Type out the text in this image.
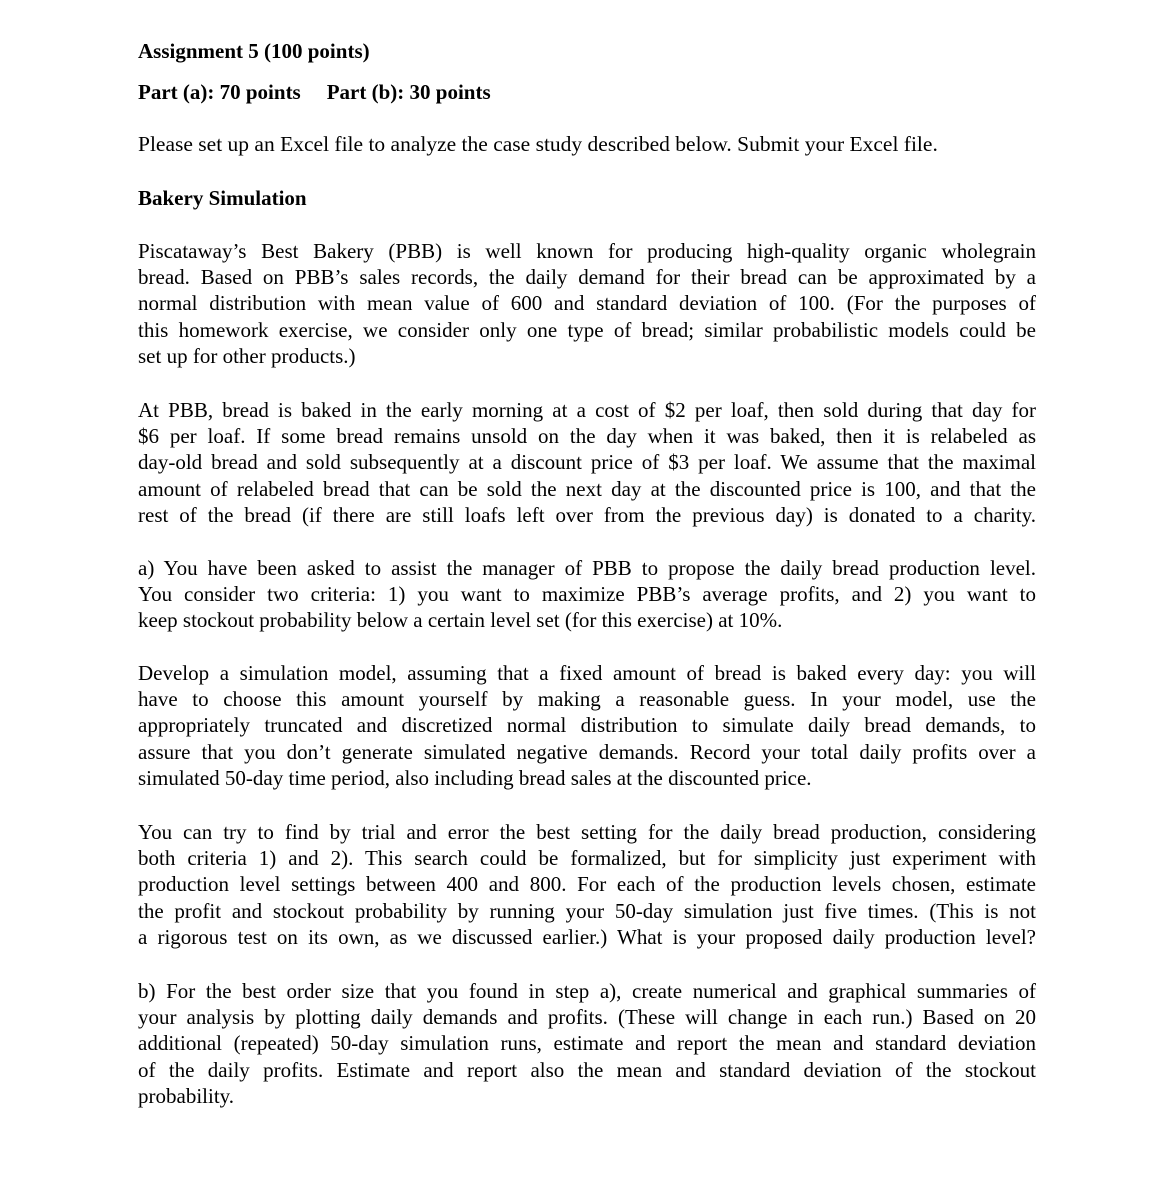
Assignment 5 (100 points)
Part (a): 70 points Part (b): 30 points
Please set up an Excel file to analyze the case study described below. Submit your Excel file.
Bakery Simulation
Piscataway’s Best Bakery (PBB) is well known for producing high-quality organic wholegrain
bread. Based on PBB’s sales records, the daily demand for their bread can be approximated by a
normal distribution with mean value of 600 and standard deviation of 100. (For the purposes of
this homework exercise, we consider only one type of bread; similar probabilistic models could be
set up for other products.)
At PBB, bread is baked in the early morning at a cost of $2 per loaf, then sold during that day for
$6 per loaf. If some bread remains unsold on the day when it was baked, then it is relabeled as
day-old bread and sold subsequently at a discount price of $3 per loaf. We assume that the maximal
amount of relabeled bread that can be sold the next day at the discounted price is 100, and that the
rest of the bread (if there are still loafs left over from the previous day) is donated to a charity.
a) You have been asked to assist the manager of PBB to propose the daily bread production level.
You consider two criteria: 1) you want to maximize PBB’s average profits, and 2) you want to
keep stockout probability below a certain level set (for this exercise) at 10%.
Develop a simulation model, assuming that a fixed amount of bread is baked every day: you will
have to choose this amount yourself by making a reasonable guess. In your model, use the
appropriately truncated and discretized normal distribution to simulate daily bread demands, to
assure that you don’t generate simulated negative demands. Record your total daily profits over a
simulated 50-day time period, also including bread sales at the discounted price.
You can try to find by trial and error the best setting for the daily bread production, considering
both criteria 1) and 2). This search could be formalized, but for simplicity just experiment with
production level settings between 400 and 800. For each of the production levels chosen, estimate
the profit and stockout probability by running your 50-day simulation just five times. (This is not
a rigorous test on its own, as we discussed earlier.) What is your proposed daily production level?
b) For the best order size that you found in step a), create numerical and graphical summaries of
your analysis by plotting daily demands and profits. (These will change in each run.) Based on 20
additional (repeated) 50-day simulation runs, estimate and report the mean and standard deviation
of the daily profits. Estimate and report also the mean and standard deviation of the stockout
probability.
